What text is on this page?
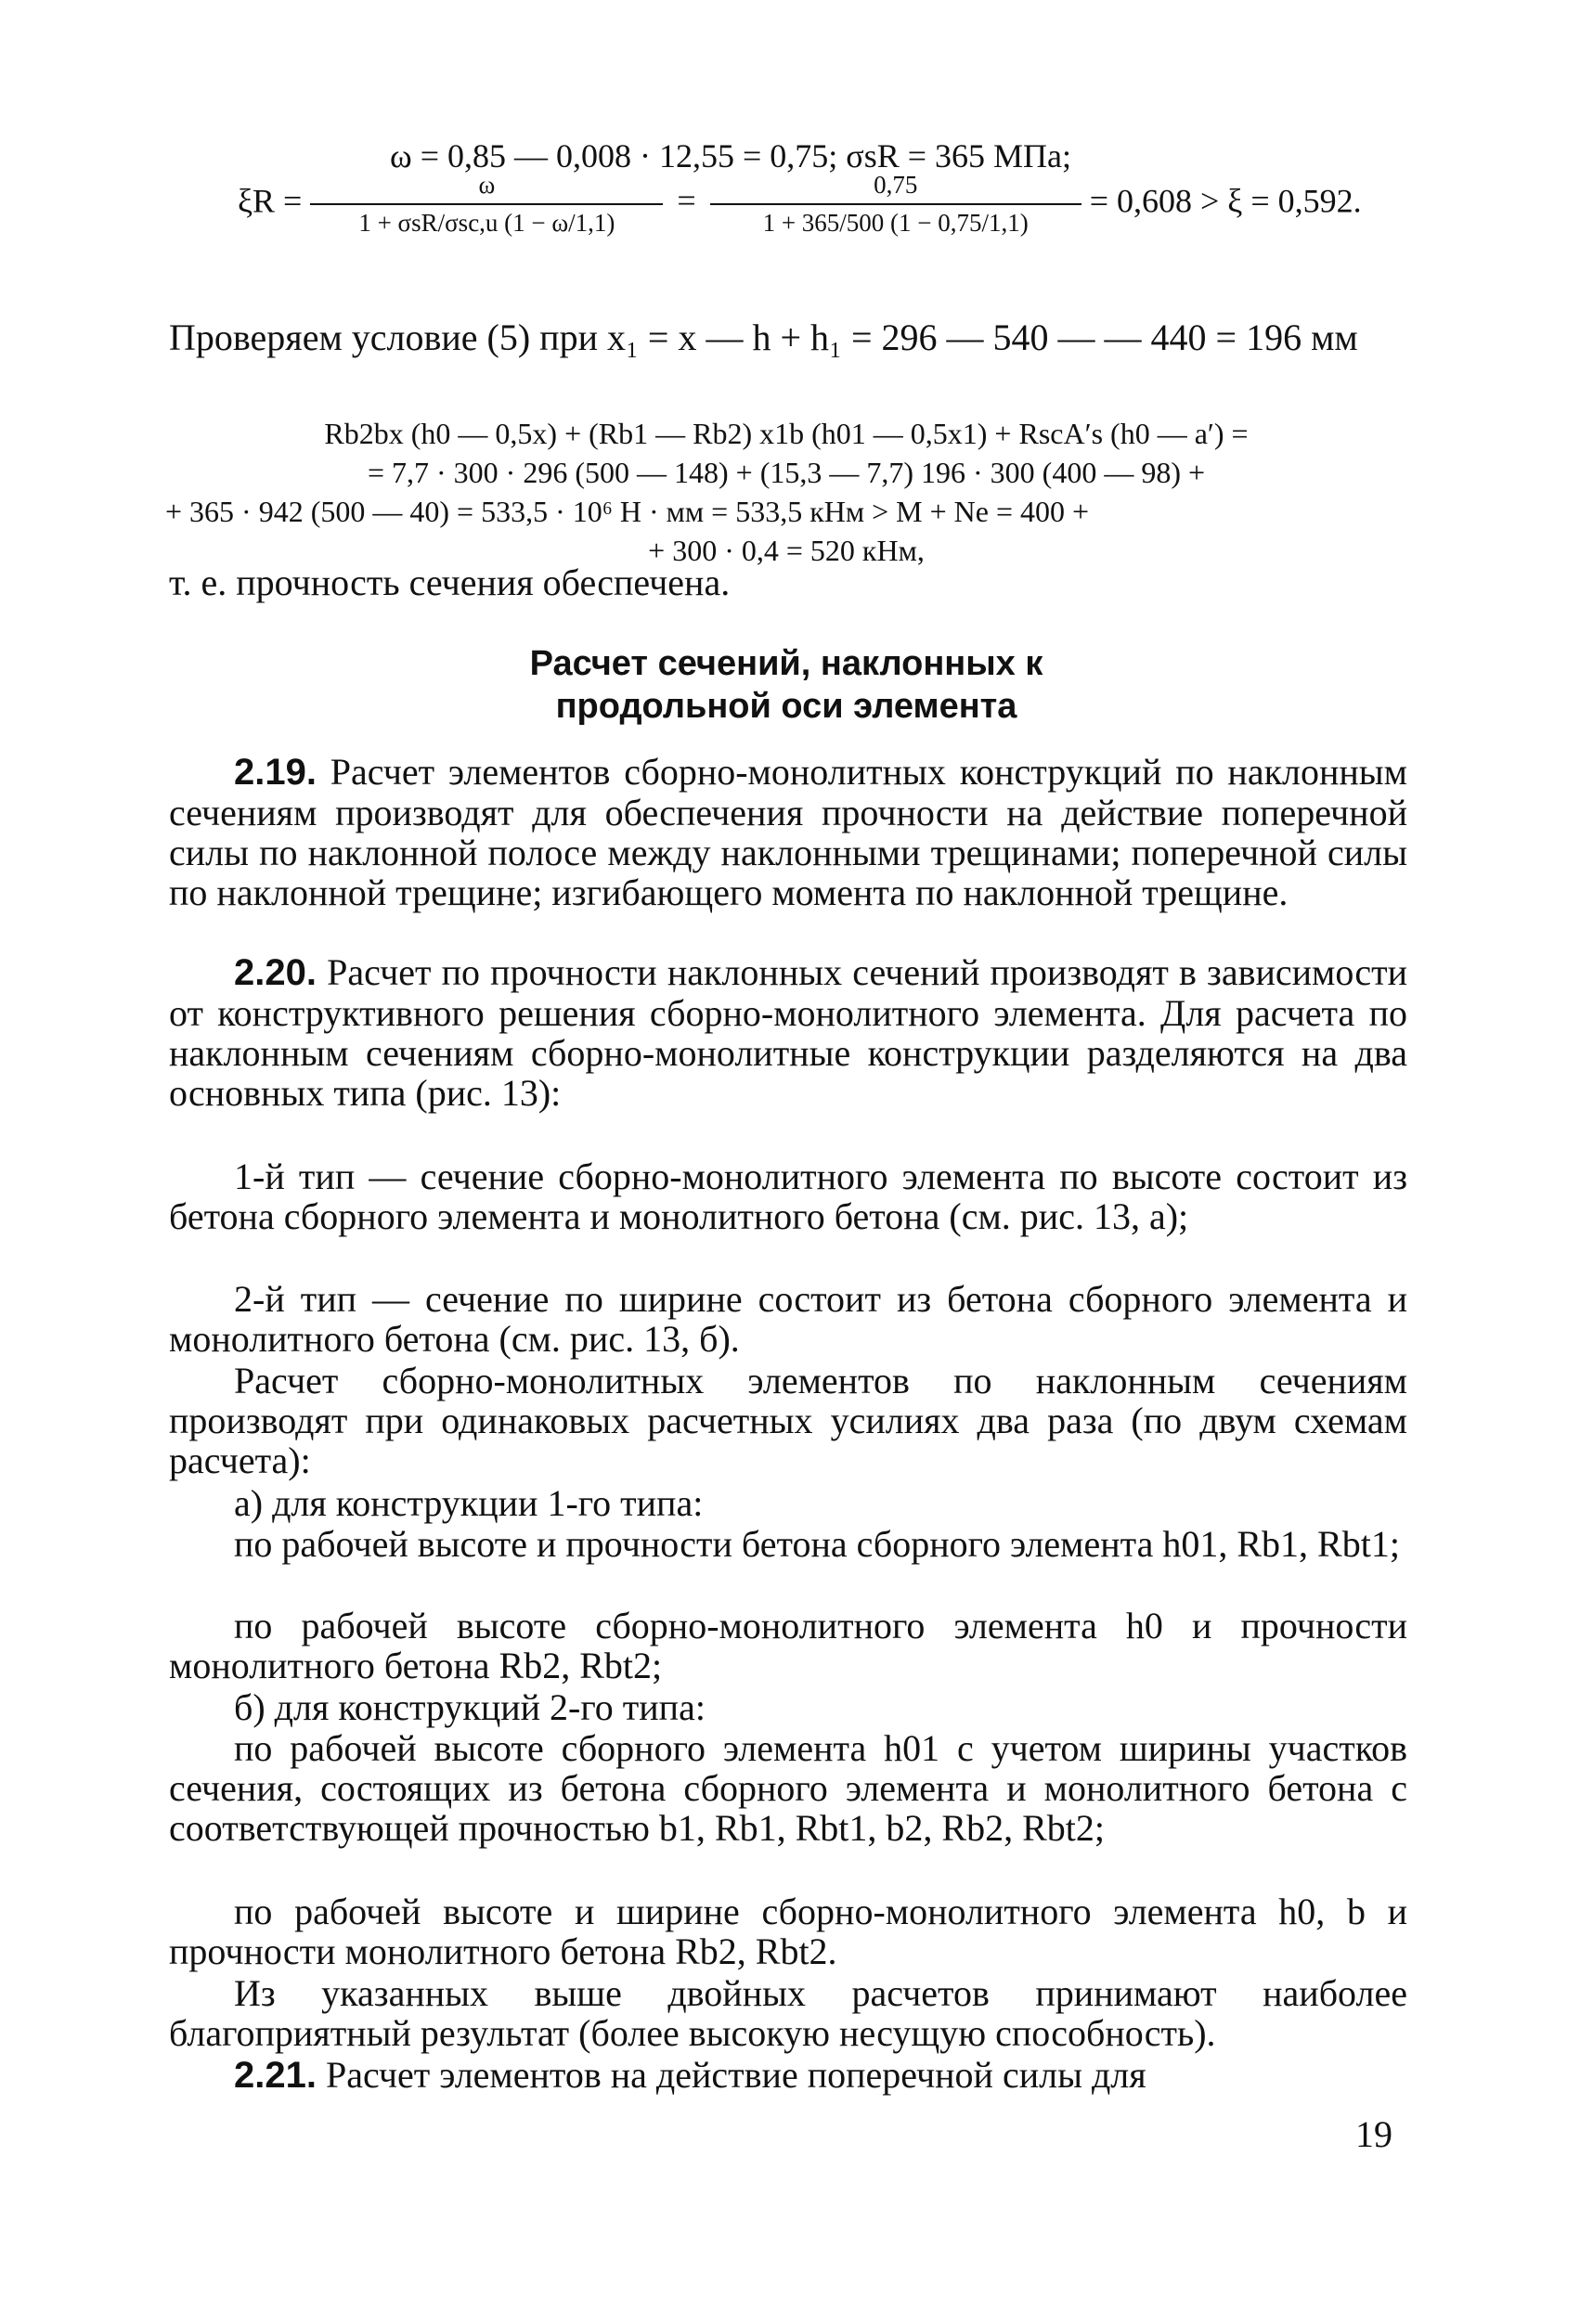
ω = 0,85 — 0,008 · 12,55 = 0,75; σsR = 365 МПа;
$\xi R = \frac{\omega}{\text{1 + σsR/σsc,u (1 − ω/1,1)}} = \frac{0,75}{1 + 365/500 (1 - 0,75/1,1)} = 0,608 > \xi = 0,592$.
Проверяем условие (5) при x₁ = x — h + h₁ = 296 — 540 — — 440 = 196 мм
Rb2bx (h0 — 0,5x) + (Rb1 — Rb2) x1b (h01 — 0,5x1) + RscA′s (h0 — a′) =
= 7,7 · 300 · 296 (500 — 148) + (15,3 — 7,7) 196 · 300 (400 — 98) +
+ 365 · 942 (500 — 40) = 533,5 · 10⁶ Н · мм = 533,5 кНм > M + Ne = 400 +
+ 300 · 0,4 = 520 кНм,
т. е. прочность сечения обеспечена.
Расчет сечений, наклонных к продольной оси элемента
2.19. Расчет элементов сборно-монолитных конструкций по наклонным сечениям производят для обеспечения прочности на действие поперечной силы по наклонной полосе между наклонными трещинами; поперечной силы по наклонной трещине; изгибающего момента по наклонной трещине.
2.20. Расчет по прочности наклонных сечений производят в зависимости от конструктивного решения сборно-монолитного элемента. Для расчета по наклонным сечениям сборно-монолитные конструкции разделяются на два основных типа (рис. 13):
1-й тип — сечение сборно-монолитного элемента по высоте состоит из бетона сборного элемента и монолитного бетона (см. рис. 13, а);
2-й тип — сечение по ширине состоит из бетона сборного элемента и монолитного бетона (см. рис. 13, б).
Расчет сборно-монолитных элементов по наклонным сечениям производят при одинаковых расчетных усилиях два раза (по двум схемам расчета):
а) для конструкции 1-го типа:
по рабочей высоте и прочности бетона сборного элемента h01, Rb1, Rbt1;
по рабочей высоте сборно-монолитного элемента h0 и прочности монолитного бетона Rb2, Rbt2;
б) для конструкций 2-го типа:
по рабочей высоте сборного элемента h01 с учетом ширины участков сечения, состоящих из бетона сборного элемента и монолитного бетона с соответствующей прочностью b1, Rb1, Rbt1, b2, Rb2, Rbt2;
по рабочей высоте и ширине сборно-монолитного элемента h0, b и прочности монолитного бетона Rb2, Rbt2.
Из указанных выше двойных расчетов принимают наиболее благоприятный результат (более высокую несущую способность).
2.21. Расчет элементов на действие поперечной силы для
19
